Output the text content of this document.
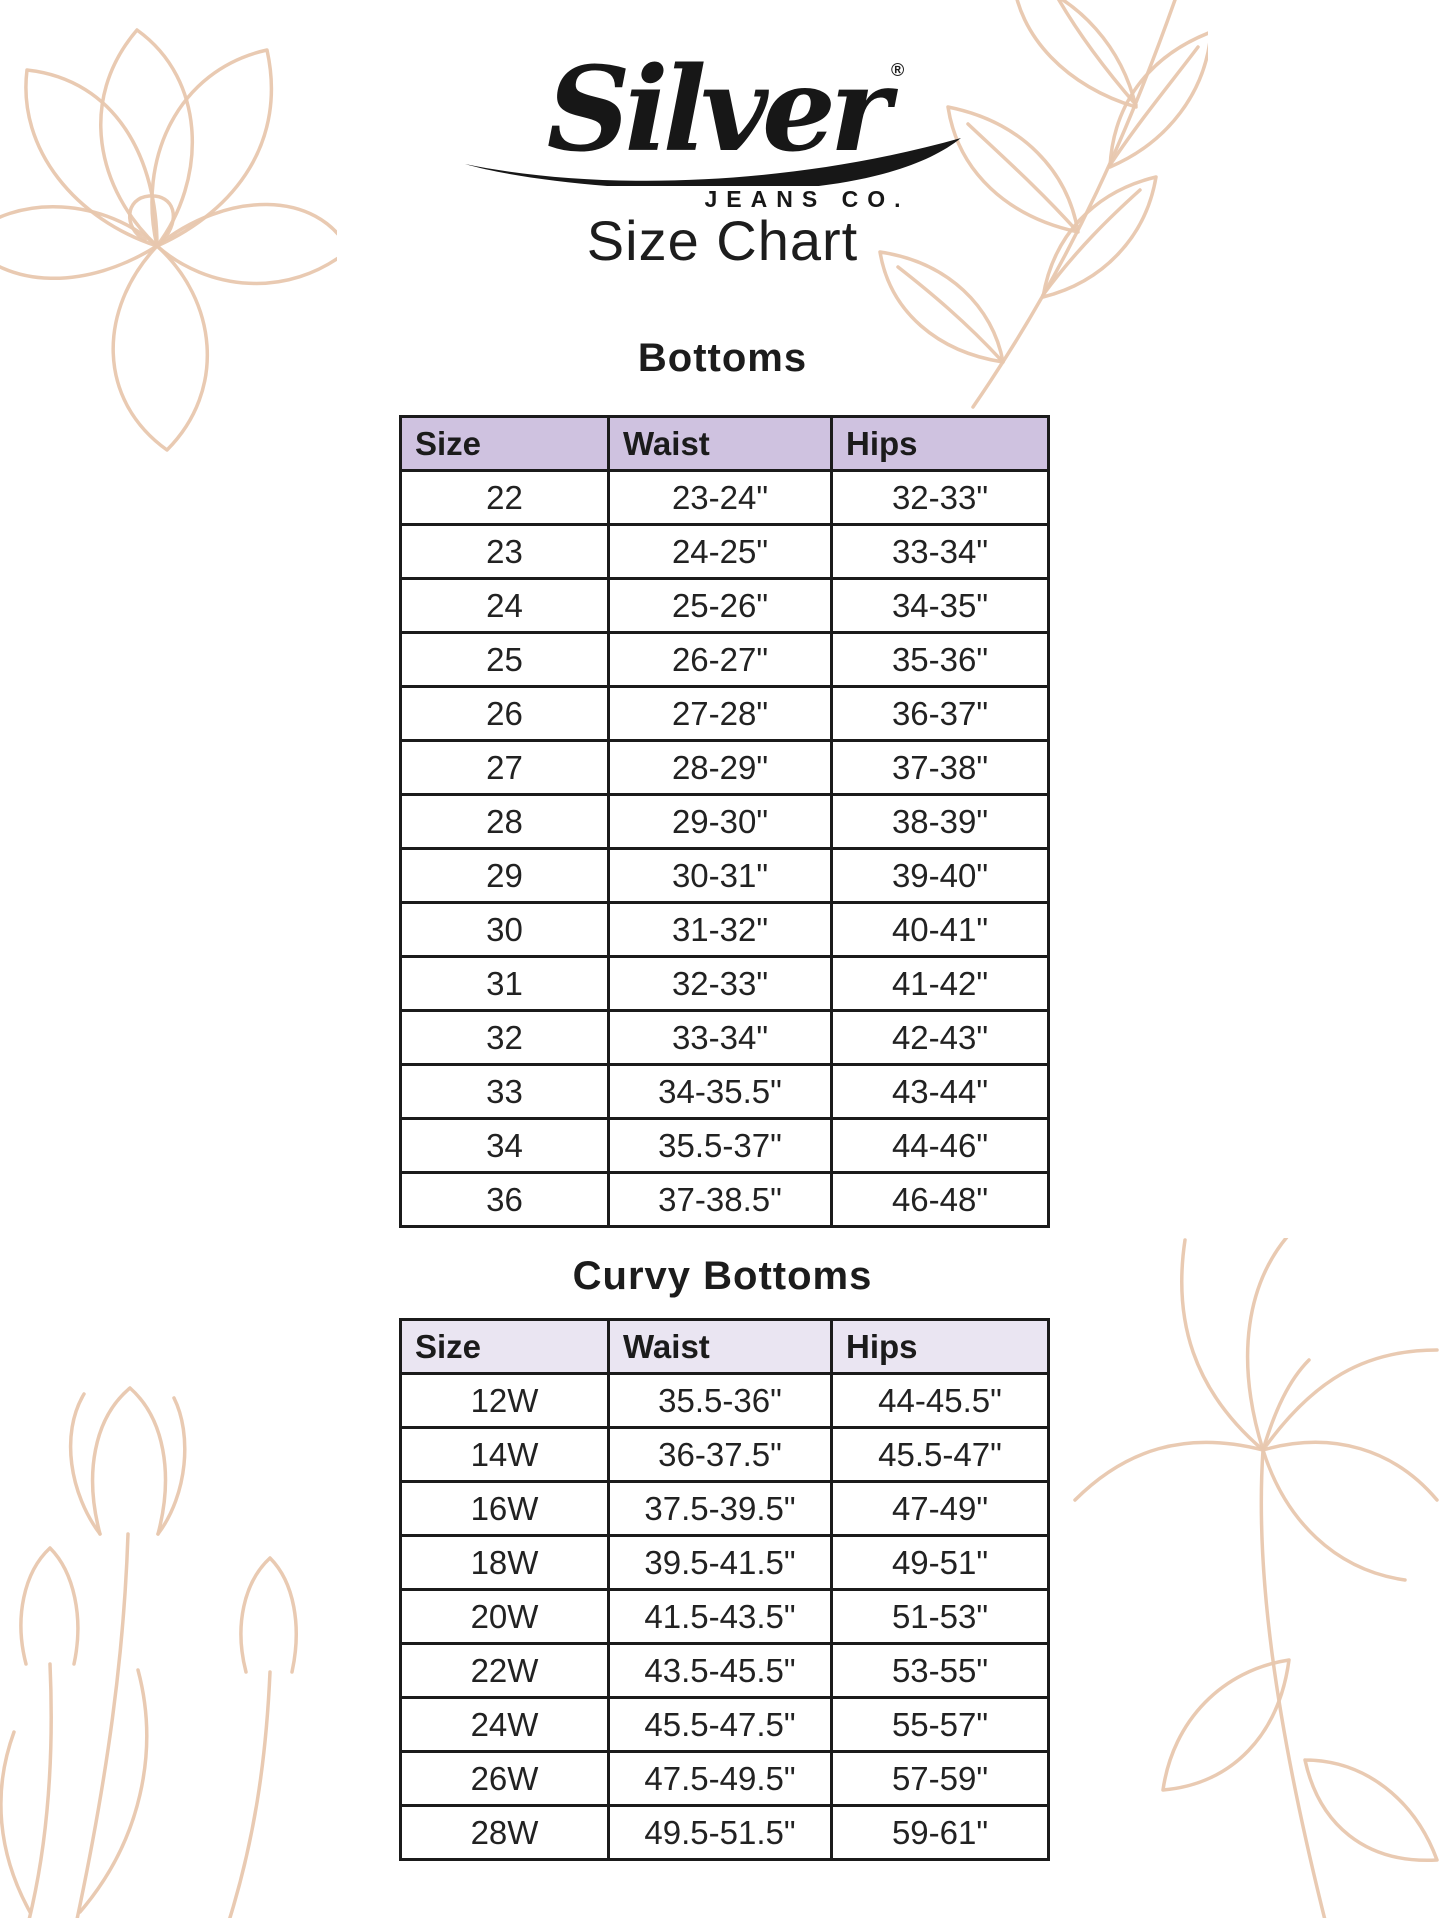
Silver ®
JEANS CO.
Size Chart
Bottoms
Size	Waist	Hips
22	23-24"	32-33"
23	24-25"	33-34"
24	25-26"	34-35"
25	26-27"	35-36"
26	27-28"	36-37"
27	28-29"	37-38"
28	29-30"	38-39"
29	30-31"	39-40"
30	31-32"	40-41"
31	32-33"	41-42"
32	33-34"	42-43"
33	34-35.5"	43-44"
34	35.5-37"	44-46"
36	37-38.5"	46-48"
Curvy Bottoms
Size	Waist	Hips
12W	35.5-36"	44-45.5"
14W	36-37.5"	45.5-47"
16W	37.5-39.5"	47-49"
18W	39.5-41.5"	49-51"
20W	41.5-43.5"	51-53"
22W	43.5-45.5"	53-55"
24W	45.5-47.5"	55-57"
26W	47.5-49.5"	57-59"
28W	49.5-51.5"	59-61"
